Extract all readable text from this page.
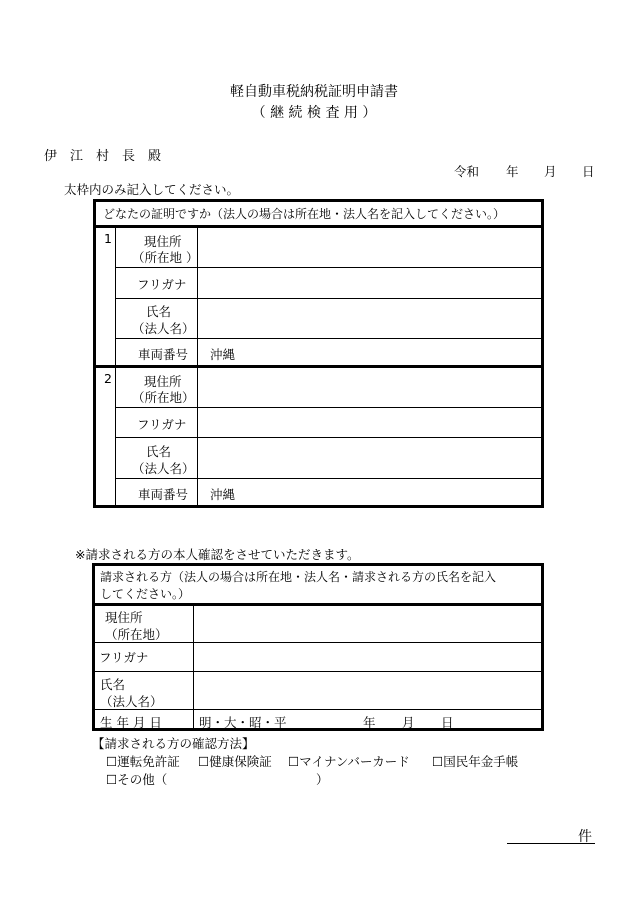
軽自動車税納税証明申請書
（ 継 続 検 査 用 ）
伊　江　村　長　殿
令和 年 月 日
太枠内のみ記入してください。
どなたの証明ですか（法人の場合は所在地・法人名を記入してください。）
1	現住所
（所在地 ）
フリガナ
氏名
（法人名）
車両番号 沖縄
2	現住所
（所在地）
フリガナ
氏名
（法人名）
車両番号 沖縄
※請求される方の本人確認をさせていただきます。
請求される方（法人の場合は所在地・法人名・請求される方の氏名を記入
してください。）
現住所
（所在地）
フリガナ
氏名
（法人名）
生 年 月 日	明・大・昭・平	年 月 日
【請求される方の確認方法】
☐運転免許証 ☐健康保険証 ☐マイナンバーカード ☐国民年金手帳
☐その他（	）
件
